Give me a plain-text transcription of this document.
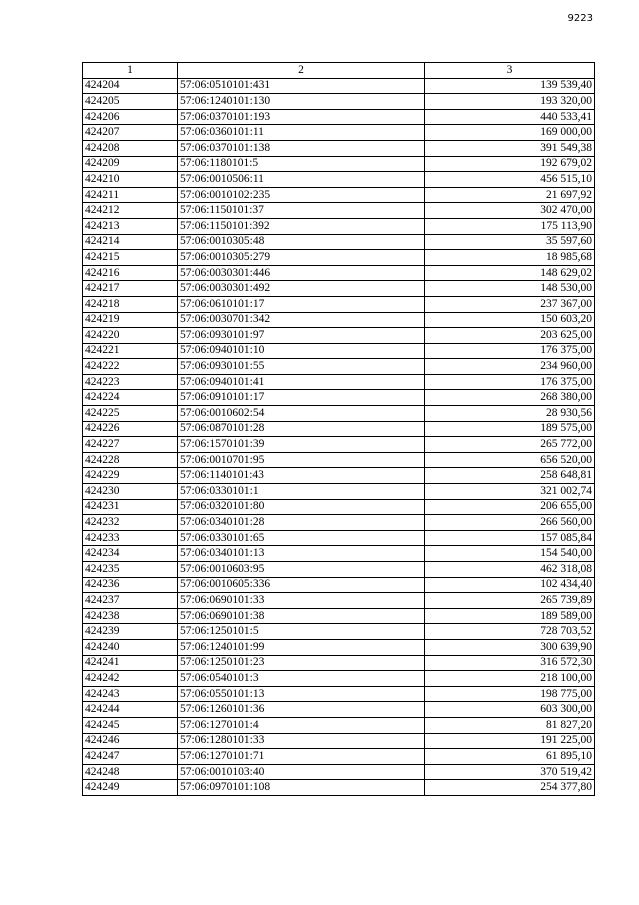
9223
1	2	3
424204	57:06:0510101:431	139 539,40
424205	57:06:1240101:130	193 320,00
424206	57:06:0370101:193	440 533,41
424207	57:06:0360101:11	169 000,00
424208	57:06:0370101:138	391 549,38
424209	57:06:1180101:5	192 679,02
424210	57:06:0010506:11	456 515,10
424211	57:06:0010102:235	21 697,92
424212	57:06:1150101:37	302 470,00
424213	57:06:1150101:392	175 113,90
424214	57:06:0010305:48	35 597,60
424215	57:06:0010305:279	18 985,68
424216	57:06:0030301:446	148 629,02
424217	57:06:0030301:492	148 530,00
424218	57:06:0610101:17	237 367,00
424219	57:06:0030701:342	150 603,20
424220	57:06:0930101:97	203 625,00
424221	57:06:0940101:10	176 375,00
424222	57:06:0930101:55	234 960,00
424223	57:06:0940101:41	176 375,00
424224	57:06:0910101:17	268 380,00
424225	57:06:0010602:54	28 930,56
424226	57:06:0870101:28	189 575,00
424227	57:06:1570101:39	265 772,00
424228	57:06:0010701:95	656 520,00
424229	57:06:1140101:43	258 648,81
424230	57:06:0330101:1	321 002,74
424231	57:06:0320101:80	206 655,00
424232	57:06:0340101:28	266 560,00
424233	57:06:0330101:65	157 085,84
424234	57:06:0340101:13	154 540,00
424235	57:06:0010603:95	462 318,08
424236	57:06:0010605:336	102 434,40
424237	57:06:0690101:33	265 739,89
424238	57:06:0690101:38	189 589,00
424239	57:06:1250101:5	728 703,52
424240	57:06:1240101:99	300 639,90
424241	57:06:1250101:23	316 572,30
424242	57:06:0540101:3	218 100,00
424243	57:06:0550101:13	198 775,00
424244	57:06:1260101:36	603 300,00
424245	57:06:1270101:4	81 827,20
424246	57:06:1280101:33	191 225,00
424247	57:06:1270101:71	61 895,10
424248	57:06:0010103:40	370 519,42
424249	57:06:0970101:108	254 377,80
